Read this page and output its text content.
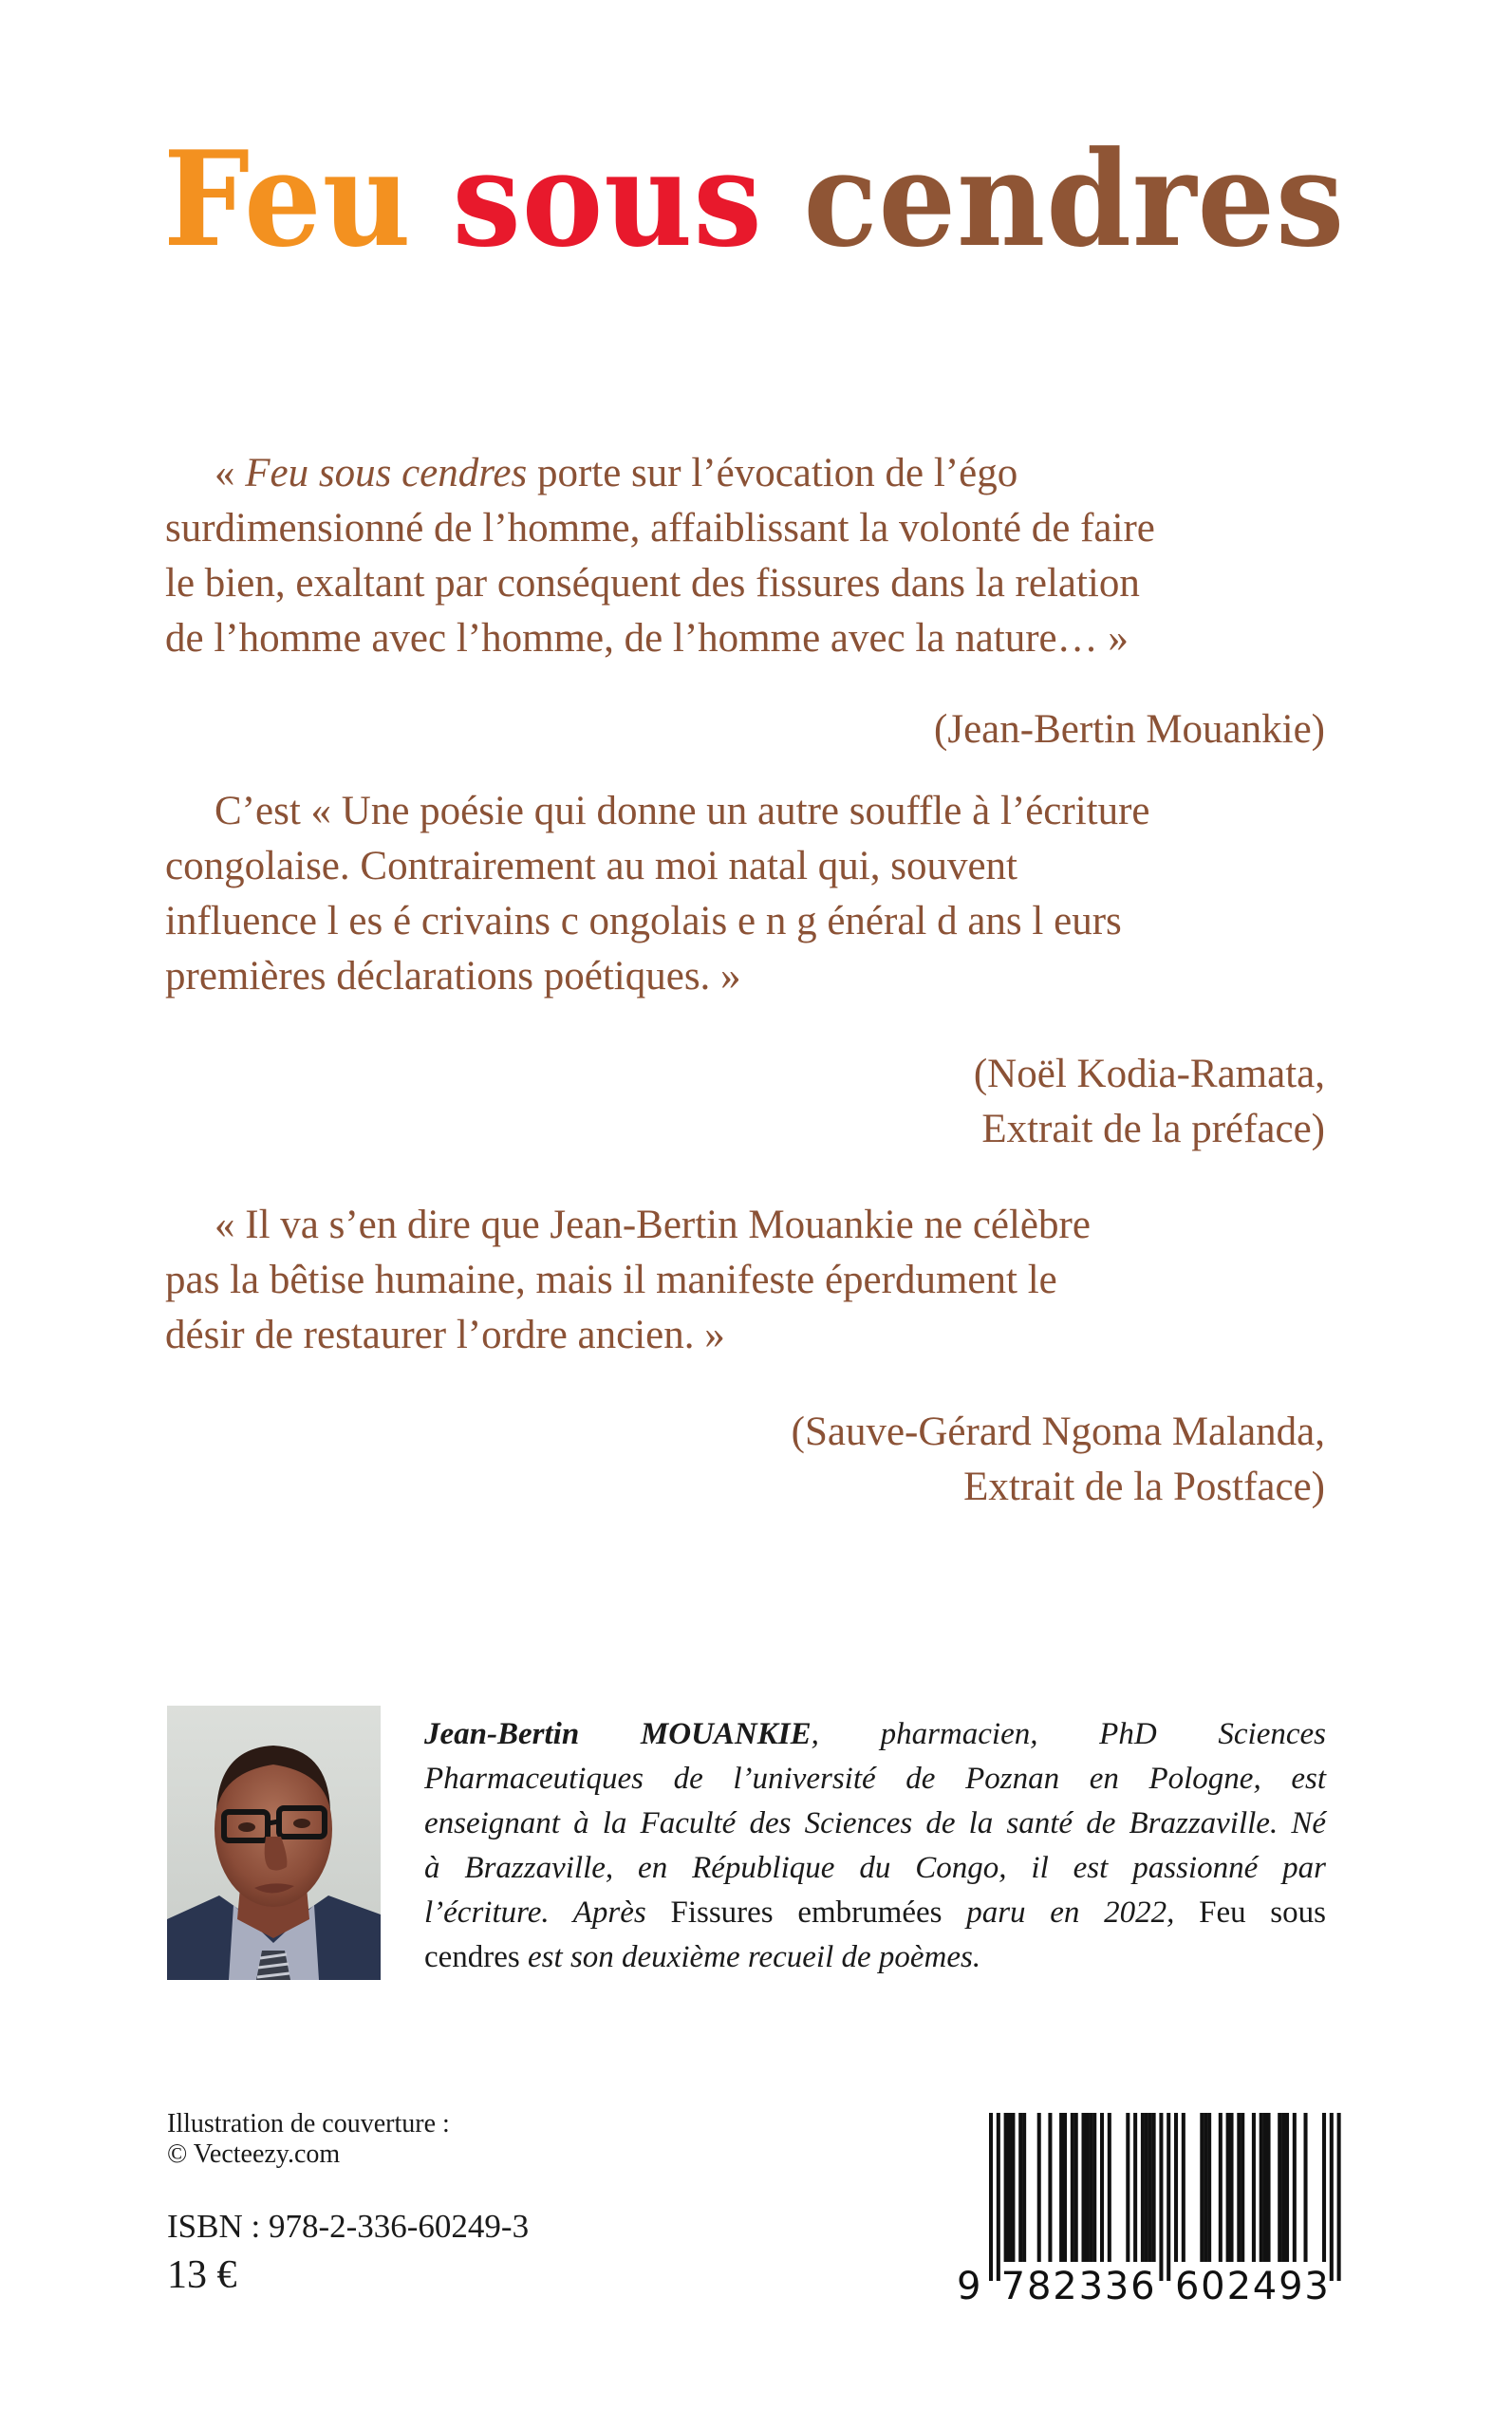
Feu sous cendres
« Feu sous cendres porte sur l’évocation de l’égo
surdimensionné de l’homme, affaiblissant la volonté de faire
le bien, exaltant par conséquent des fissures dans la relation
de l’homme avec l’homme, de l’homme avec la nature… »
(Jean-Bertin Mouankie)
C’est « Une poésie qui donne un autre souffle à l’écriture
congolaise. Contrairement au moi natal qui, souvent
influence l es é crivains c ongolais e n g énéral d ans l eurs
premières déclarations poétiques. »
(Noël Kodia-Ramata,
Extrait de la préface)
« Il va s’en dire que Jean-Bertin Mouankie ne célèbre
pas la bêtise humaine, mais il manifeste éperdument le
désir de restaurer l’ordre ancien. »
(Sauve-Gérard Ngoma Malanda,
Extrait de la Postface)
Jean-Bertin MOUANKIE, pharmacien, PhD Sciences
Pharmaceutiques de l’université de Poznan en Pologne, est
enseignant à la Faculté des Sciences de la santé de Brazzaville. Né
à Brazzaville, en République du Congo, il est passionné par
l’écriture. Après Fissures embrumées paru en 2022, Feu sous
cendres est son deuxième recueil de poèmes.
Illustration de couverture :
© Vecteezy.com
ISBN : 978-2-336-60249-3
13 €	9 7	6
8	0
2	2
3	4
3	9
6	3
